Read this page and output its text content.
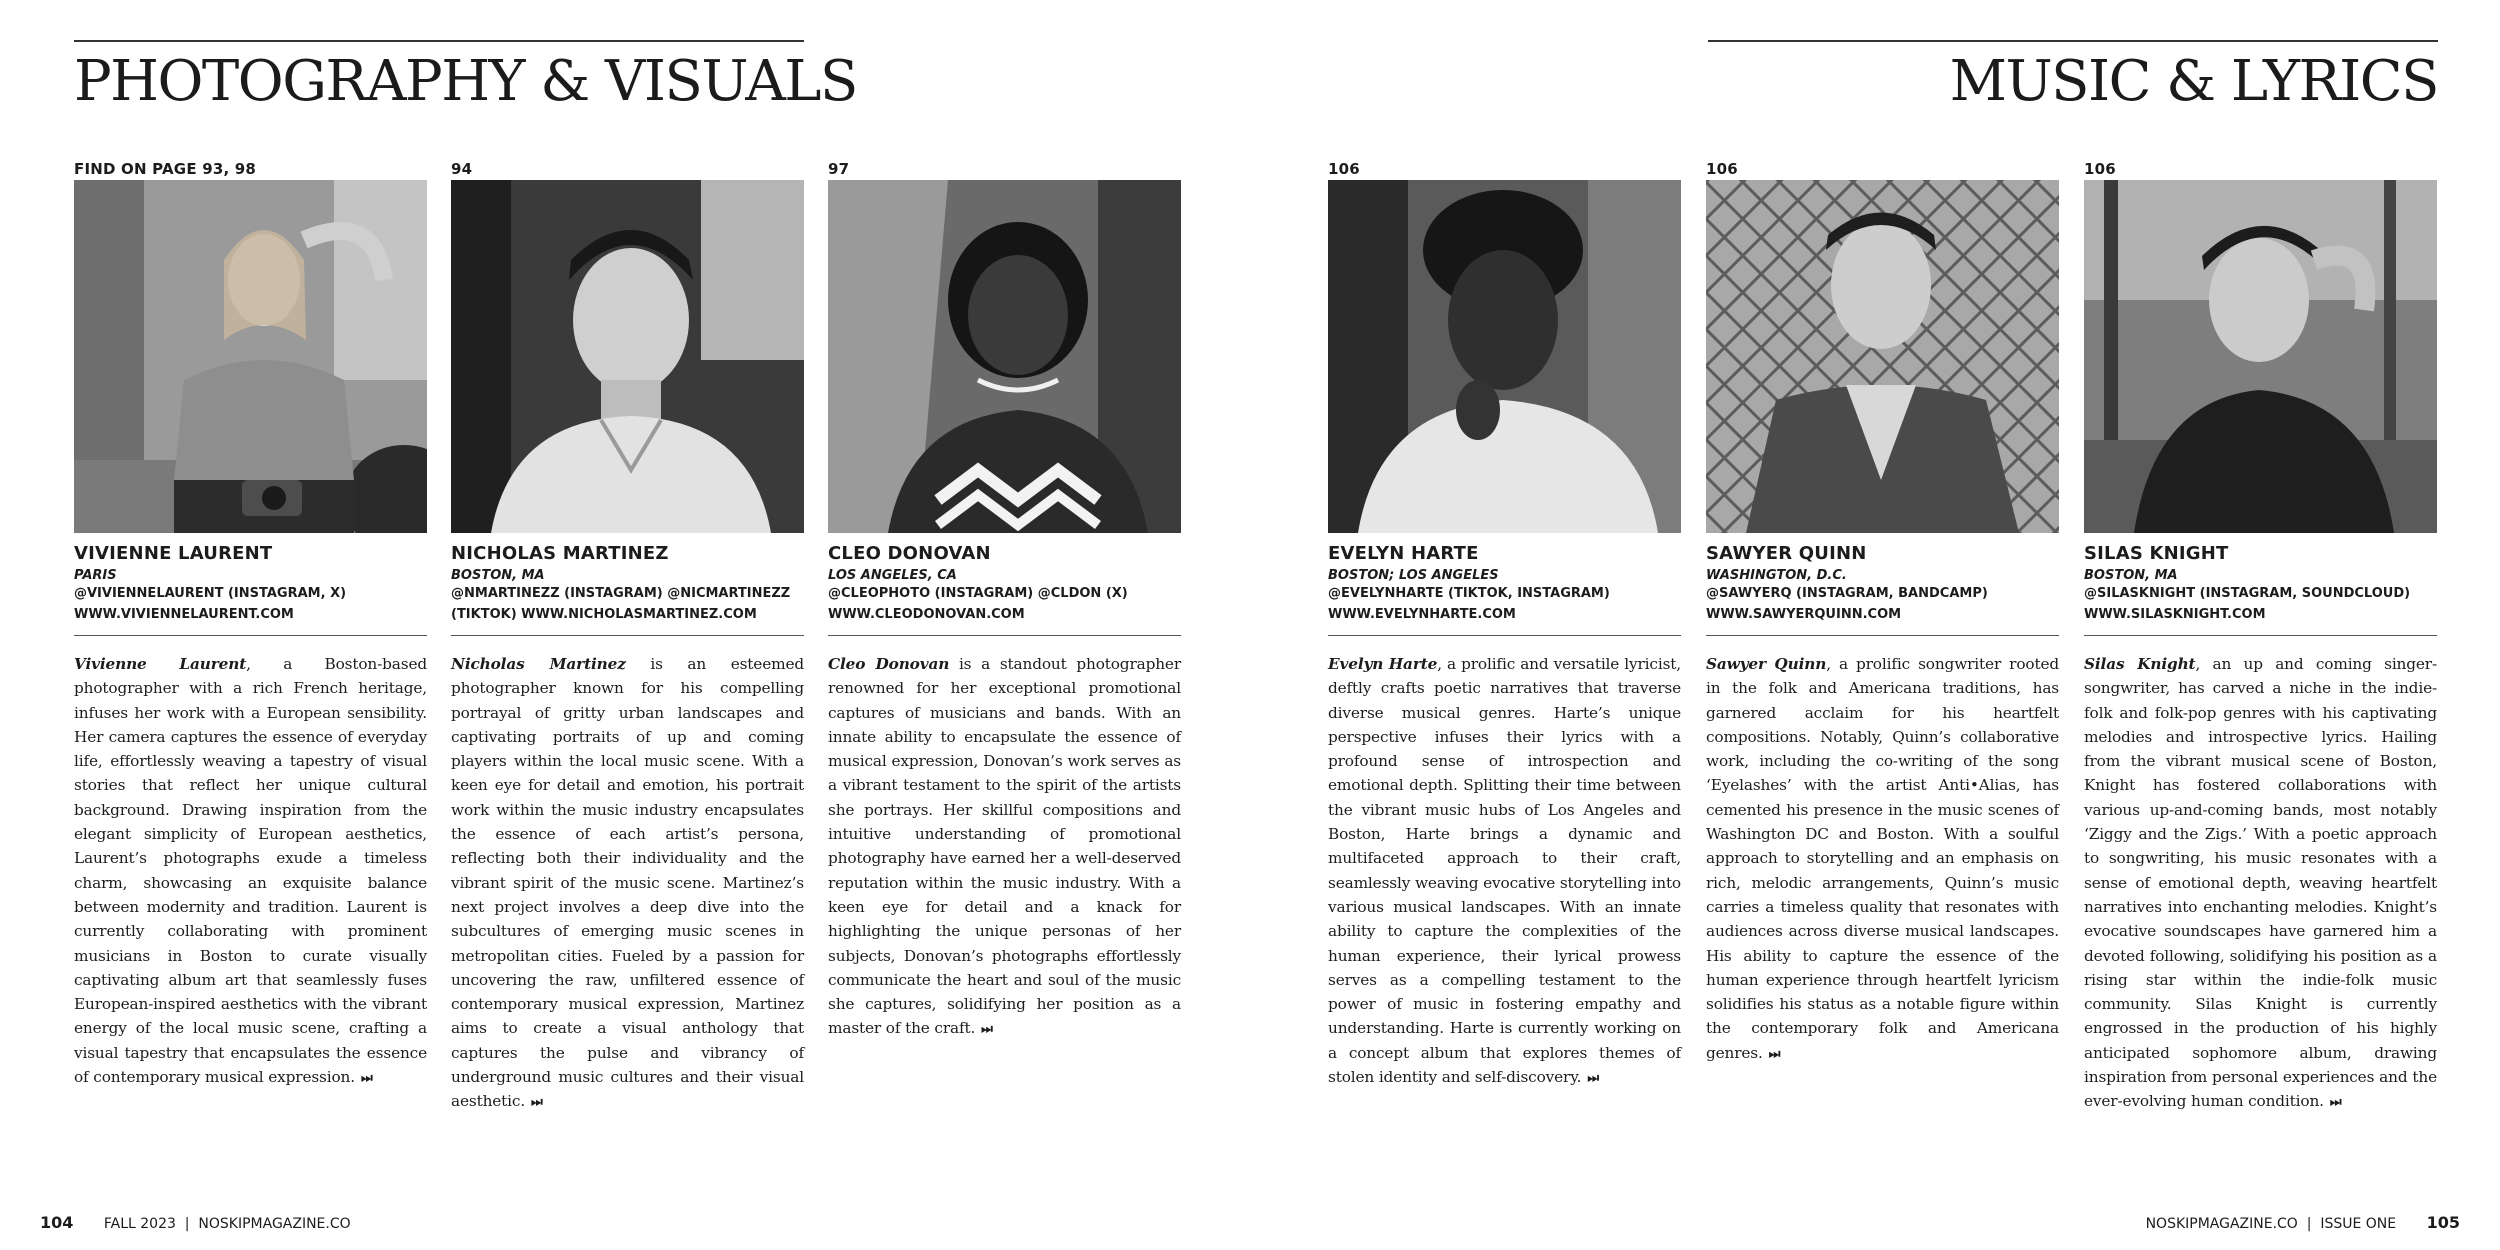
PHOTOGRAPHY & VISUALS	MUSIC & LYRICS
FIND ON PAGE 93, 98
VIVIENNE LAURENT
PARIS
@VIVIENNELAURENT (INSTAGRAM, X)
WWW.VIVIENNELAURENT.COM

Vivienne Laurent, a Boston-based photographer with a rich French heritage, infuses her work with a European sensibility. Her camera captures the essence of everyday life, effortlessly weaving a tapestry of visual stories that reflect her unique cultural background. Drawing inspiration from the elegant simplicity of European aesthetics, Laurent’s photographs exude a timeless charm, showcasing an exquisite balance between modernity and tradition. Laurent is currently collaborating with prominent musicians in Boston to curate visually captivating album art that seamlessly fuses European-inspired aesthetics with the vibrant energy of the local music scene, crafting a visual tapestry that encapsulates the essence of contemporary musical expression. ⏭

94
NICHOLAS MARTINEZ
BOSTON, MA
@NMARTINEZZ (INSTAGRAM) @NICMARTINEZZ
(TIKTOK) WWW.NICHOLASMARTINEZ.COM

Nicholas Martinez is an esteemed photographer known for his compelling portrayal of gritty urban landscapes and captivating portraits of up and coming players within the local music scene. With a keen eye for detail and emotion, his portrait work within the music industry encapsulates the essence of each artist’s persona, reflecting both their individuality and the vibrant spirit of the music scene. Martinez’s next project involves a deep dive into the subcultures of emerging music scenes in metropolitan cities. Fueled by a passion for uncovering the raw, unfiltered essence of contemporary musical expression, Martinez aims to create a visual anthology that captures the pulse and vibrancy of underground music cultures and their visual aesthetic. ⏭

97
CLEO DONOVAN
LOS ANGELES, CA
@CLEOPHOTO (INSTAGRAM) @CLDON (X)
WWW.CLEODONOVAN.COM

Cleo Donovan is a standout photographer renowned for her exceptional promotional captures of musicians and bands. With an innate ability to encapsulate the essence of musical expression, Donovan’s work serves as a vibrant testament to the spirit of the artists she portrays. Her skillful compositions and intuitive understanding of promotional photography have earned her a well-deserved reputation within the music industry. With a keen eye for detail and a knack for highlighting the unique personas of her subjects, Donovan’s photographs effortlessly communicate the heart and soul of the music she captures, solidifying her position as a master of the craft. ⏭

106
EVELYN HARTE
BOSTON; LOS ANGELES
@EVELYNHARTE (TIKTOK, INSTAGRAM)
WWW.EVELYNHARTE.COM

Evelyn Harte, a prolific and versatile lyricist, deftly crafts poetic narratives that traverse diverse musical genres. Harte’s unique perspective infuses their lyrics with a profound sense of introspection and emotional depth. Splitting their time between the vibrant music hubs of Los Angeles and Boston, Harte brings a dynamic and multifaceted approach to their craft, seamlessly weaving evocative storytelling into various musical landscapes. With an innate ability to capture the complexities of the human experience, their lyrical prowess serves as a compelling testament to the power of music in fostering empathy and understanding. Harte is currently working on a concept album that explores themes of stolen identity and self-discovery. ⏭

106
SAWYER QUINN
WASHINGTON, D.C.
@SAWYERQ (INSTAGRAM, BANDCAMP)
WWW.SAWYERQUINN.COM

Sawyer Quinn, a prolific songwriter rooted in the folk and Americana traditions, has garnered acclaim for his heartfelt compositions. Notably, Quinn’s collaborative work, including the co-writing of the song ‘Eyelashes’ with the artist Anti•Alias, has cemented his presence in the music scenes of Washington DC and Boston. With a soulful approach to storytelling and an emphasis on rich, melodic arrangements, Quinn’s music carries a timeless quality that resonates with audiences across diverse musical landscapes. His ability to capture the essence of the human experience through heartfelt lyricism solidifies his status as a notable figure within the contemporary folk and Americana genres. ⏭

106
SILAS KNIGHT
BOSTON, MA
@SILASKNIGHT (INSTAGRAM, SOUNDCLOUD)
WWW.SILASKNIGHT.COM

Silas Knight, an up and coming singer-songwriter, has carved a niche in the indie-folk and folk-pop genres with his captivating melodies and introspective lyrics. Hailing from the vibrant musical scene of Boston, Knight has fostered collaborations with various up-and-coming bands, most notably ‘Ziggy and the Zigs.’ With a poetic approach to songwriting, his music resonates with a sense of emotional depth, weaving heartfelt narratives into enchanting melodies. Knight’s evocative soundscapes have garnered him a devoted following, solidifying his position as a rising star within the indie-folk music community. Silas Knight is currently engrossed in the production of his highly anticipated sophomore album, drawing inspiration from personal experiences and the ever-evolving human condition. ⏭

104 FALL 2023  |  NOSKIPMAGAZINE.CO	NOSKIPMAGAZINE.CO  |  ISSUE ONE 105
